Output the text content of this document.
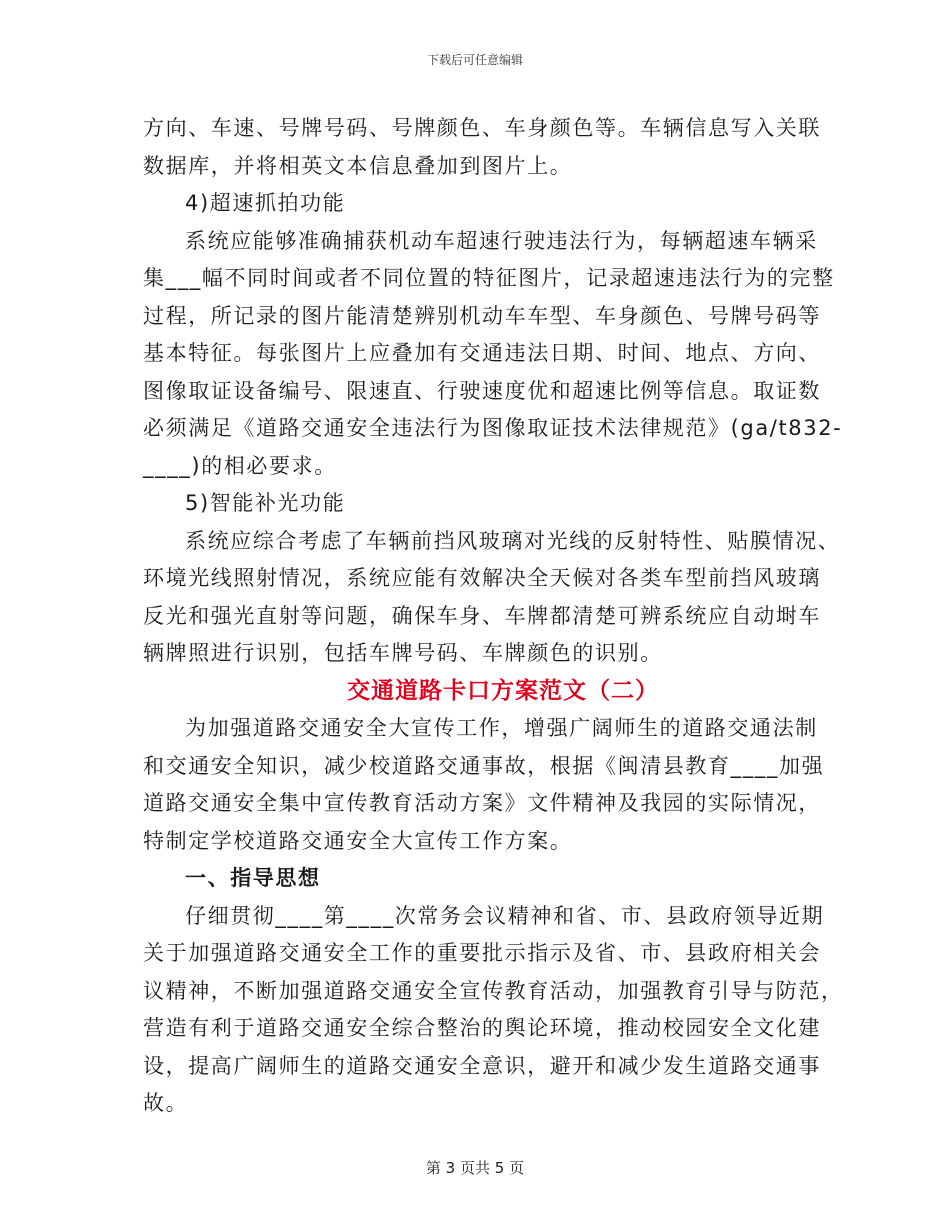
下载后可任意编辑
方向、车速、号牌号码、号牌颜色、车身颜色等。车辆信息写入关联
数据库，并将相英文本信息叠加到图片上。
4)超速抓拍功能
系统应能够准确捕获机动车超速行驶违法行为，每辆超速车辆采
集___幅不同时间或者不同位置的特征图片，记录超速违法行为的完整
过程，所记录的图片能清楚辨别机动车车型、车身颜色、号牌号码等
基本特征。每张图片上应叠加有交通违法日期、时间、地点、方向、
图像取证设备编号、限速直、行驶速度优和超速比例等信息。取证数
必须满足《道路交通安全违法行为图像取证技术法律规范》(ga/t832-
____)的相必要求。
5)智能补光功能
系统应综合考虑了车辆前挡风玻璃对光线的反射特性、贴膜情况、
环境光线照射情况，系统应能有效解决全天候对各类车型前挡风玻璃
反光和强光直射等问题，确保车身、车牌都清楚可辨系统应自动埘车
辆牌照进行识别，包括车牌号码、车牌颜色的识别。
交通道路卡口方案范文（二）
为加强道路交通安全大宣传工作，增强广阔师生的道路交通法制
和交通安全知识，减少校道路交通事故，根据《闽清县教育____加强
道路交通安全集中宣传教育活动方案》文件精神及我园的实际情况，
特制定学校道路交通安全大宣传工作方案。
一、指导思想
仔细贯彻____第____次常务会议精神和省、市、县政府领导近期
关于加强道路交通安全工作的重要批示指示及省、市、县政府相关会
议精神，不断加强道路交通安全宣传教育活动，加强教育引导与防范，
营造有利于道路交通安全综合整治的舆论环境，推动校园安全文化建
设，提高广阔师生的道路交通安全意识，避开和减少发生道路交通事
故。
第 3 页共 5 页
